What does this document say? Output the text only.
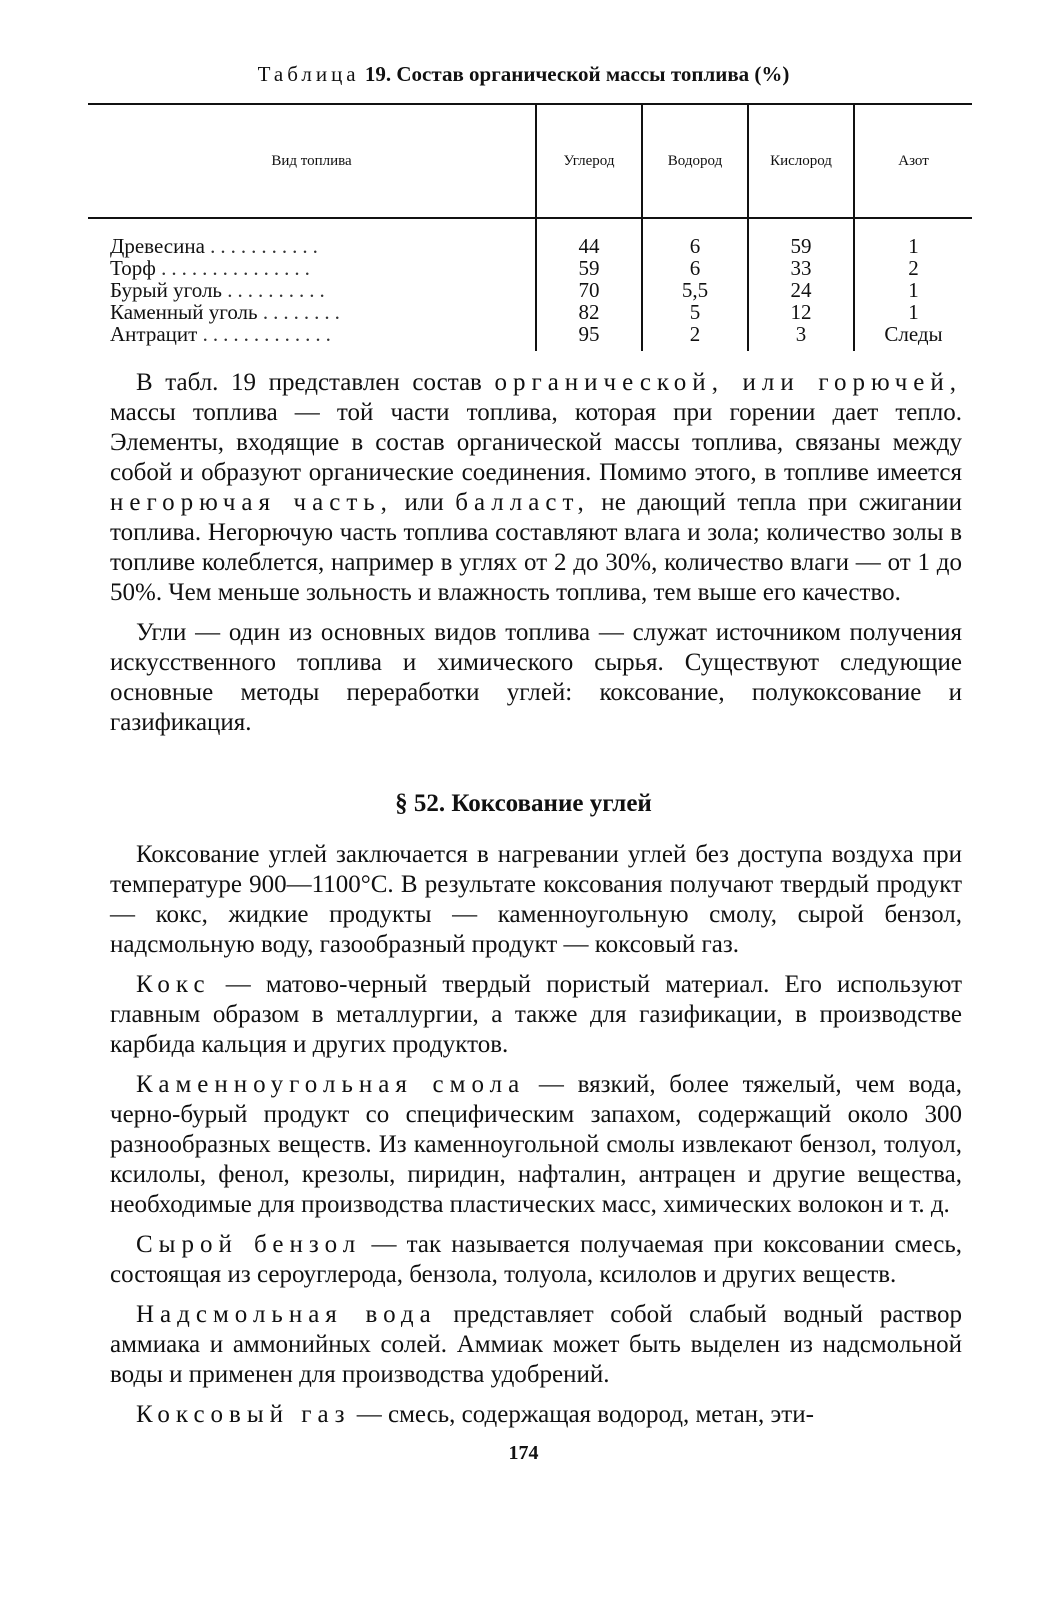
Таблица 19. Состав органической массы топлива (%)
Вид топлива	Углерод	Водород	Кислород	Азот
Древесина ...........	44	6	59	1
Торф ...............	59	6	33	2
Бурый уголь ..........	70	5,5	24	1
Каменный уголь ........	82	5	12	1
Антрацит .............	95	2	3	Следы

В табл. 19 представлен состав органической, или горючей, массы топлива — той части топлива, которая при горении дает тепло. Элементы, входящие в состав органической массы топлива, связаны между собой и образуют органические соединения. Помимо этого, в топливе имеется негорючая часть, или балласт, не дающий тепла при сжигании топлива. Негорючую часть топлива составляют влага и зола; количество золы в топливе колеблется, например в углях от 2 до 30%, количество влаги — от 1 до 50%. Чем меньше зольность и влажность топлива, тем выше его качество.

Угли — один из основных видов топлива — служат источником получения искусственного топлива и химического сырья. Существуют следующие основные методы переработки углей: коксование, полукоксование и газификация.

§ 52. Коксование углей

Коксование углей заключается в нагревании углей без доступа воздуха при температуре 900—1100°С. В результате коксования получают твердый продукт — кокс, жидкие продукты — каменноугольную смолу, сырой бензол, надсмольную воду, газообразный продукт — коксовый газ.

Кокс — матово-черный твердый пористый материал. Его используют главным образом в металлургии, а также для газификации, в производстве карбида кальция и других продуктов.

Каменноугольная смола — вязкий, более тяжелый, чем вода, черно-бурый продукт со специфическим запахом, содержащий около 300 разнообразных веществ. Из каменноугольной смолы извлекают бензол, толуол, ксилолы, фенол, крезолы, пиридин, нафталин, антрацен и другие вещества, необходимые для производства пластических масс, химических волокон и т. д.

Сырой бензол — так называется получаемая при коксовании смесь, состоящая из сероуглерода, бензола, толуола, ксилолов и других веществ.

Надсмольная вода представляет собой слабый водный раствор аммиака и аммонийных солей. Аммиак может быть выделен из надсмольной воды и применен для производства удобрений.

Коксовый газ — смесь, содержащая водород, метан, эти-

174
